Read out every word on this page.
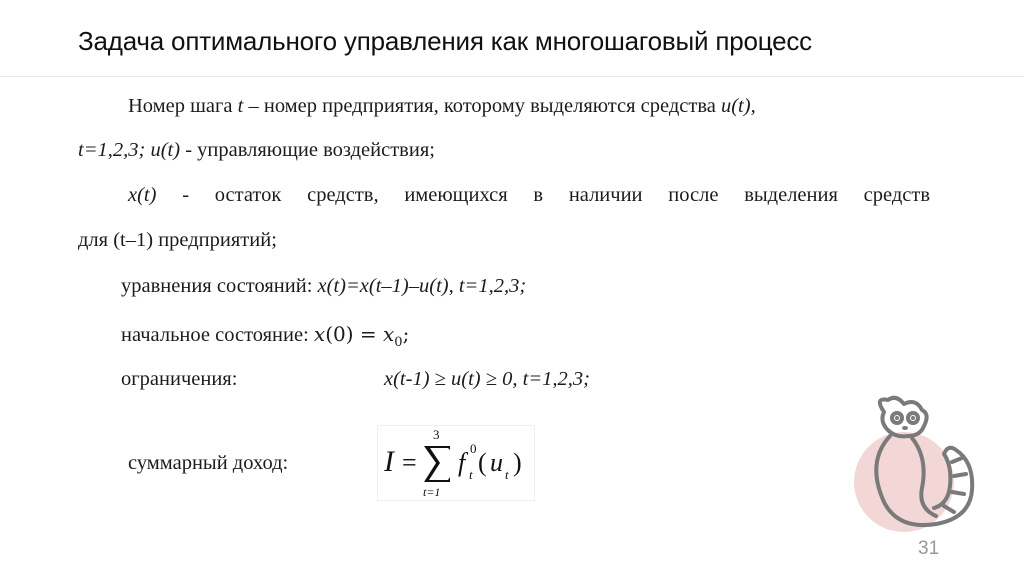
Задача оптимального управления как многошаговый процесс
Номер шага t – номер предприятия, которому выделяются средства u(t),
t=1,2,3; u(t) - управляющие воздействия;
x(t) - остаток средств, имеющихся в наличии после выделения средств
для (t–1) предприятий;
уравнения состояний: x(t)=x(t–1)–u(t), t=1,2,3;
начальное состояние: $x(0) = x_0$;
ограничения:	x(t-1) ≥ u(t) ≥ 0, t=1,2,3;
суммарный доход:	I =
3
t=1
f 0
t ( u t )
31
